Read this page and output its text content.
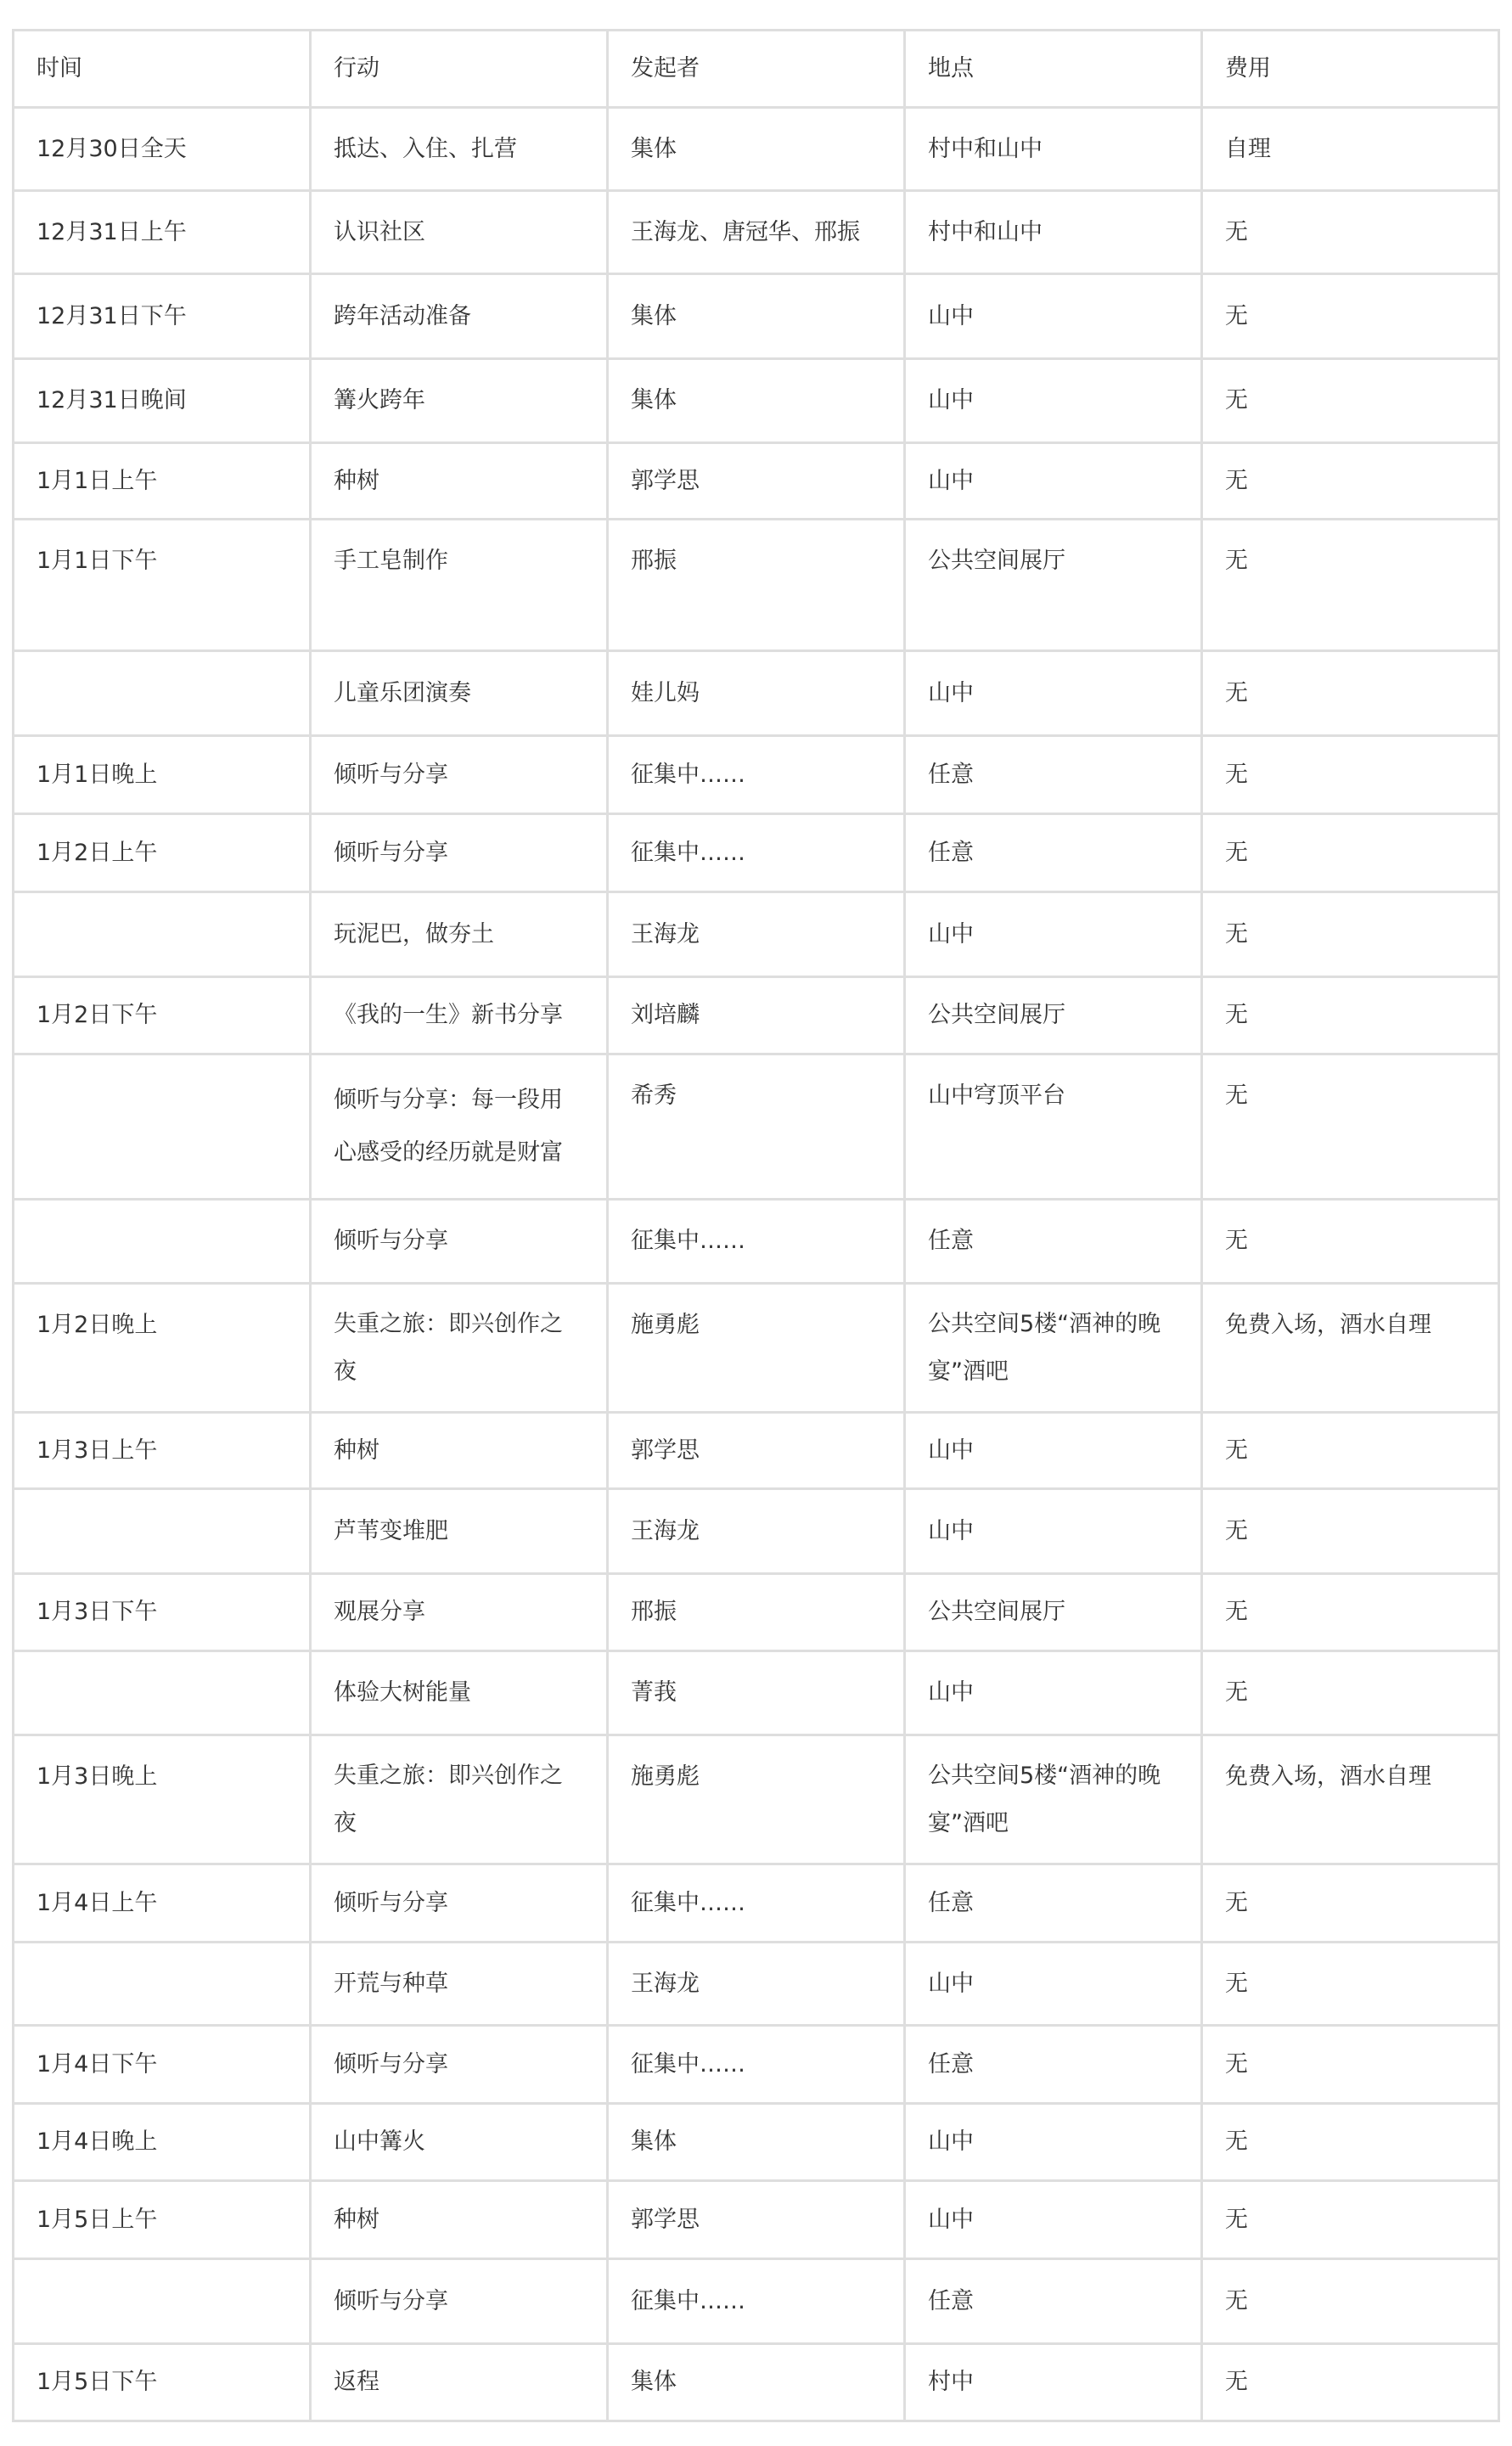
时间	行动	发起者	地点	费用
12月30日全天	抵达、入住、扎营	集体	村中和山中	自理
12月31日上午	认识社区	王海龙、唐冠华、邢振	村中和山中	无
12月31日下午	跨年活动准备	集体	山中	无
12月31日晚间	篝火跨年	集体	山中	无
1月1日上午	种树	郭学思	山中	无
1月1日下午	手工皂制作	邢振	公共空间展厅	无
	儿童乐团演奏	娃儿妈	山中	无
1月1日晚上	倾听与分享	征集中……	任意	无
1月2日上午	倾听与分享	征集中……	任意	无
	玩泥巴，做夯土	王海龙	山中	无
1月2日下午	《我的一生》新书分享	刘培麟	公共空间展厅	无
	倾听与分享：每一段用心感受的经历就是财富	希秀	山中穹顶平台	无
	倾听与分享	征集中……	任意	无
1月2日晚上	失重之旅：即兴创作之夜	施勇彪	公共空间5楼“酒神的晚宴”酒吧	免费入场，酒水自理
1月3日上午	种树	郭学思	山中	无
	芦苇变堆肥	王海龙	山中	无
1月3日下午	观展分享	邢振	公共空间展厅	无
	体验大树能量	菁莪	山中	无
1月3日晚上	失重之旅：即兴创作之夜	施勇彪	公共空间5楼“酒神的晚宴”酒吧	免费入场，酒水自理
1月4日上午	倾听与分享	征集中……	任意	无
	开荒与种草	王海龙	山中	无
1月4日下午	倾听与分享	征集中……	任意	无
1月4日晚上	山中篝火	集体	山中	无
1月5日上午	种树	郭学思	山中	无
	倾听与分享	征集中……	任意	无
1月5日下午	返程	集体	村中	无
